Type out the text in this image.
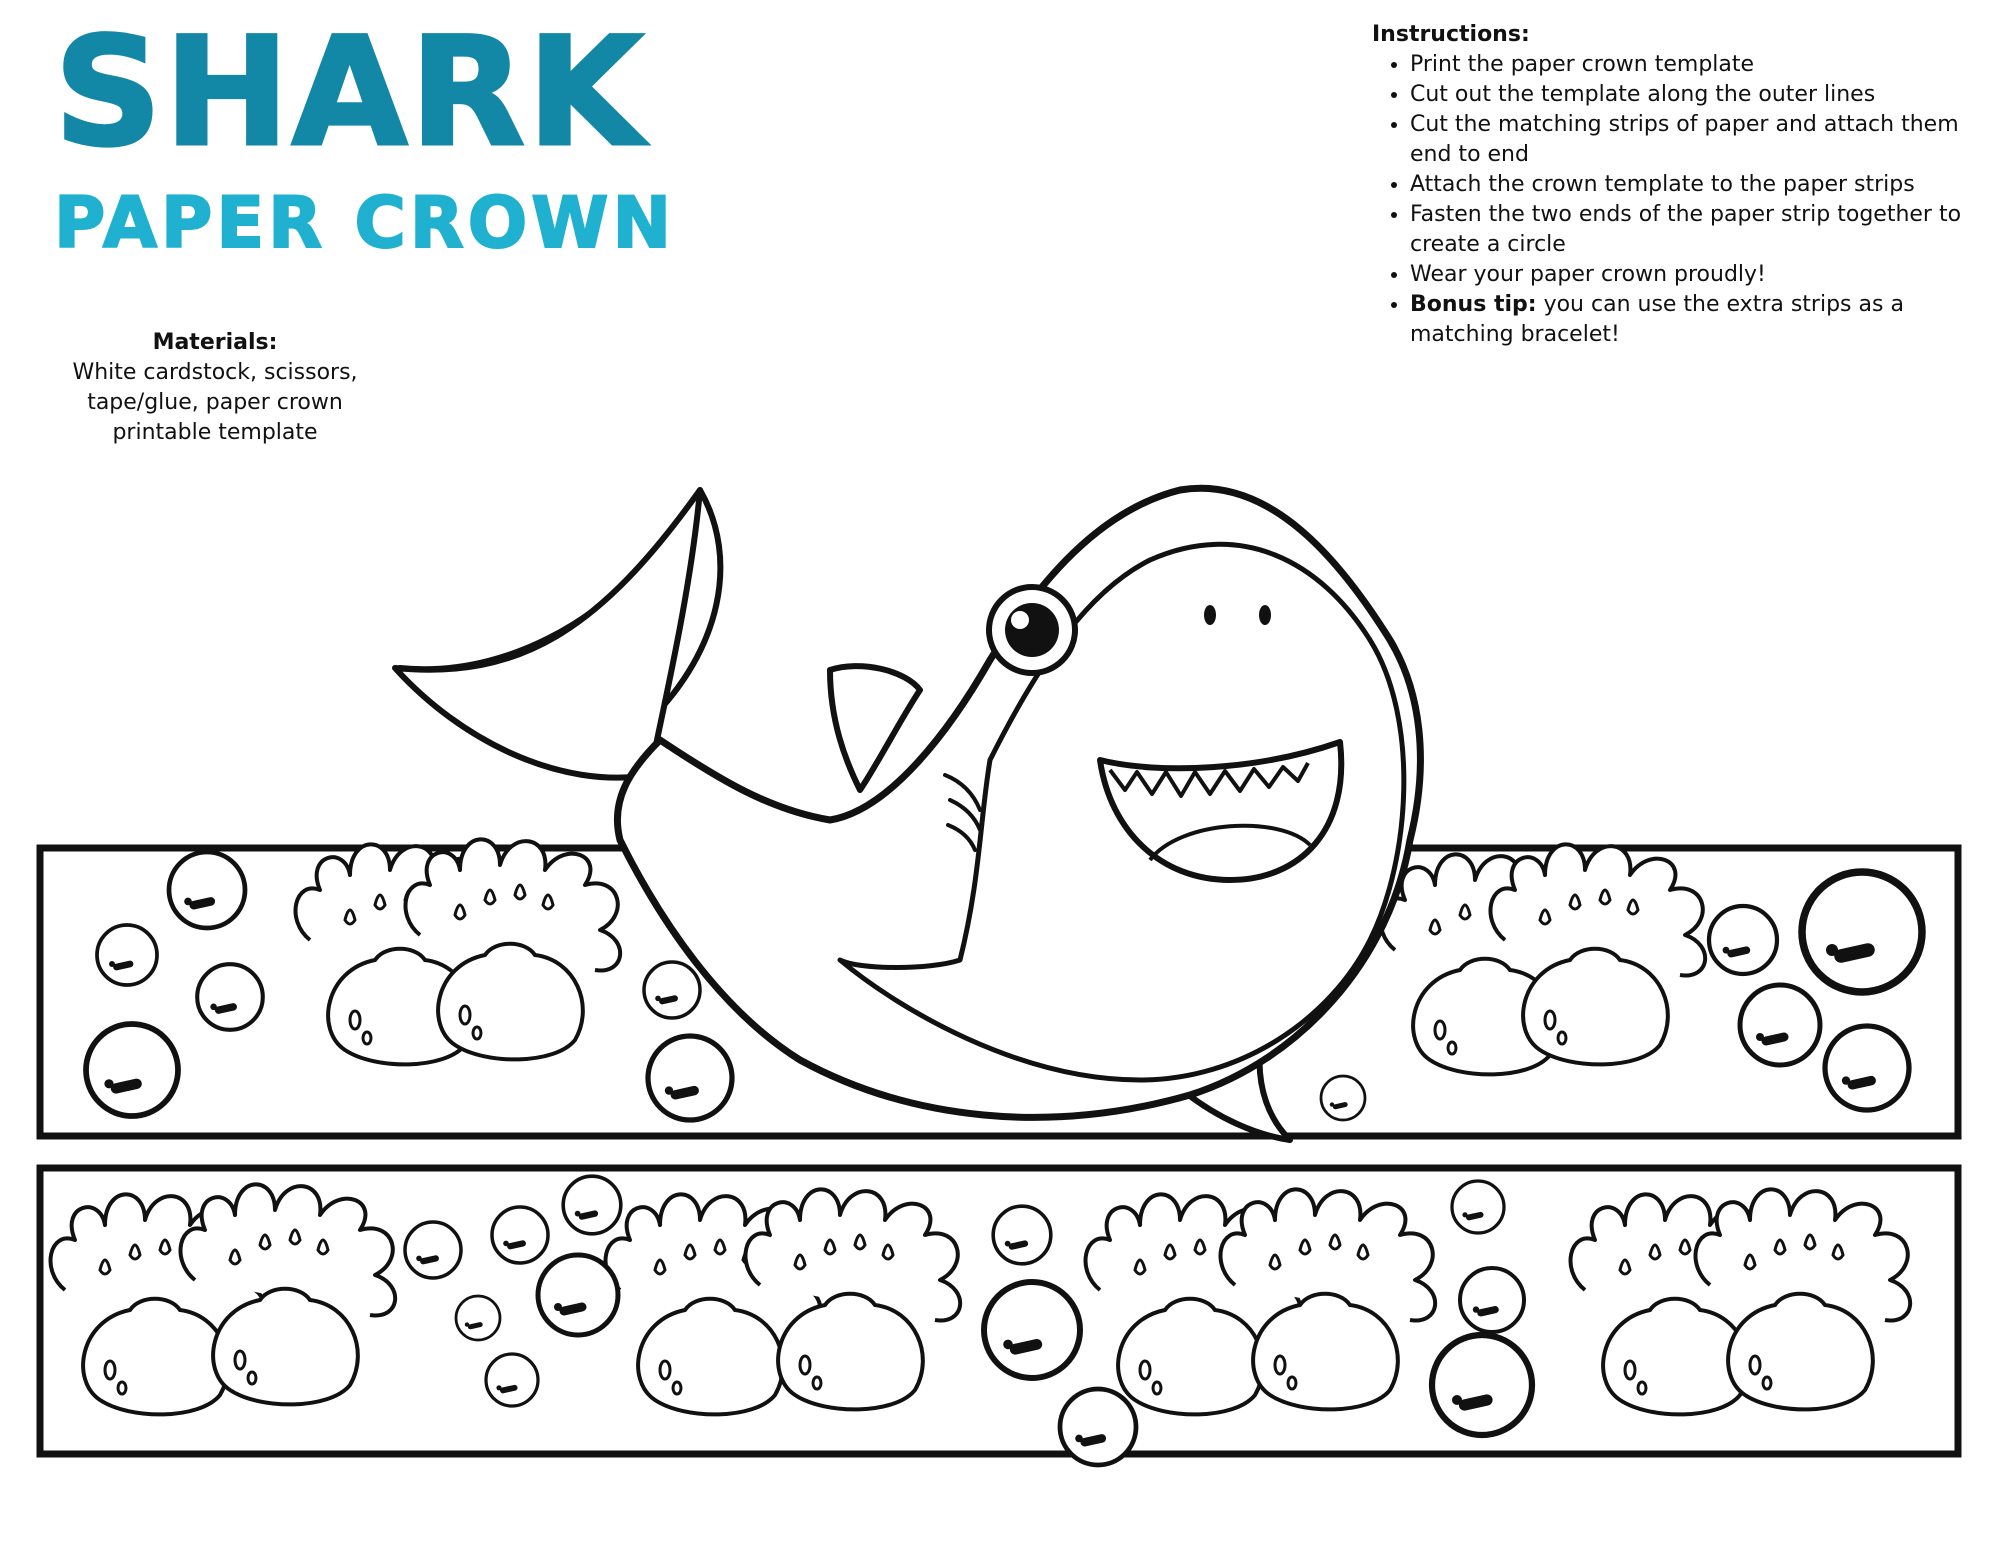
SHARK
PAPER CROWN
Materials:
White cardstock, scissors, tape/glue, paper crown printable template
Instructions:
• Print the paper crown template
• Cut out the template along the outer lines
• Cut the matching strips of paper and attach them end to end
• Attach the crown template to the paper strips
• Fasten the two ends of the paper strip together to create a circle
• Wear your paper crown proudly!
• Bonus tip: you can use the extra strips as a matching bracelet!
